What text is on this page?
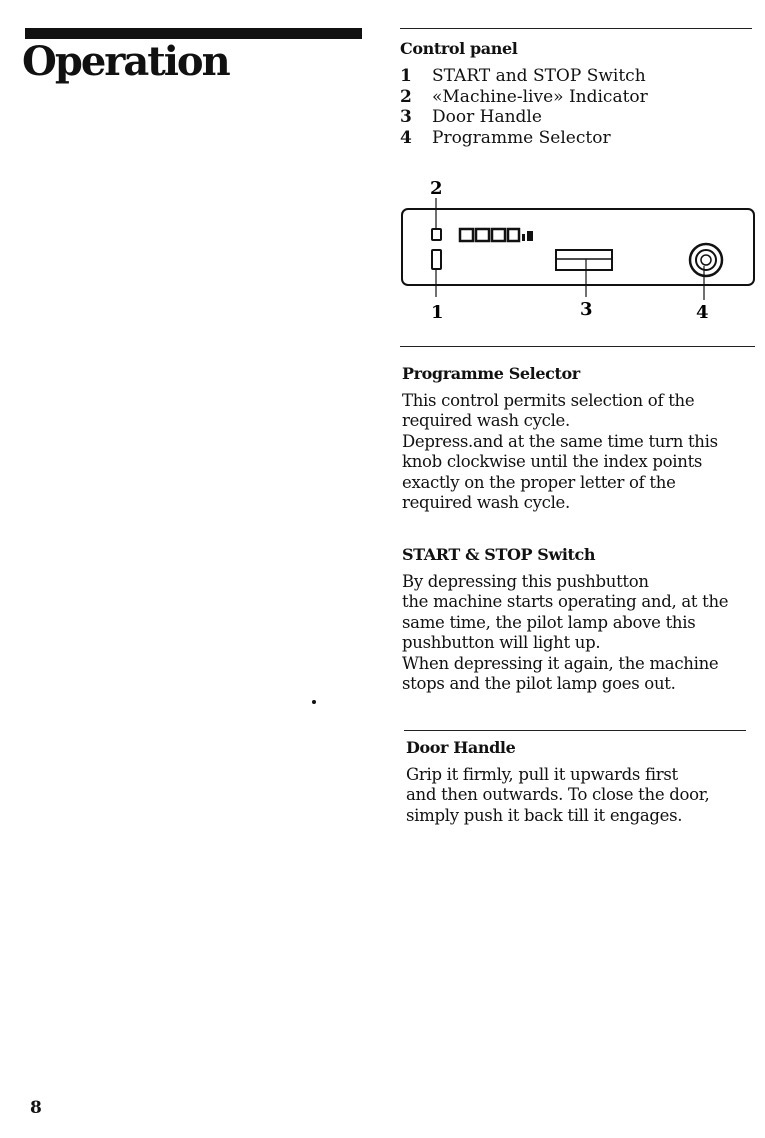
Operation	Control panel
1	START and STOP Switch
2	«Machine-live» Indicator
3	Door Handle
4	Programme Selector
2
1	3	4
Programme Selector

This control permits selection of the
required wash cycle.
Depress.and at the same time turn this
knob clockwise until the index points
exactly on the proper letter of the
required wash cycle.

START & STOP Switch

By depressing this pushbutton
the machine starts operating and, at the
same time, the pilot lamp above this
pushbutton will light up.
When depressing it again, the machine
stops and the pilot lamp goes out.

Door Handle

Grip it firmly, pull it upwards first
and then outwards. To close the door,
simply push it back till it engages.

8
